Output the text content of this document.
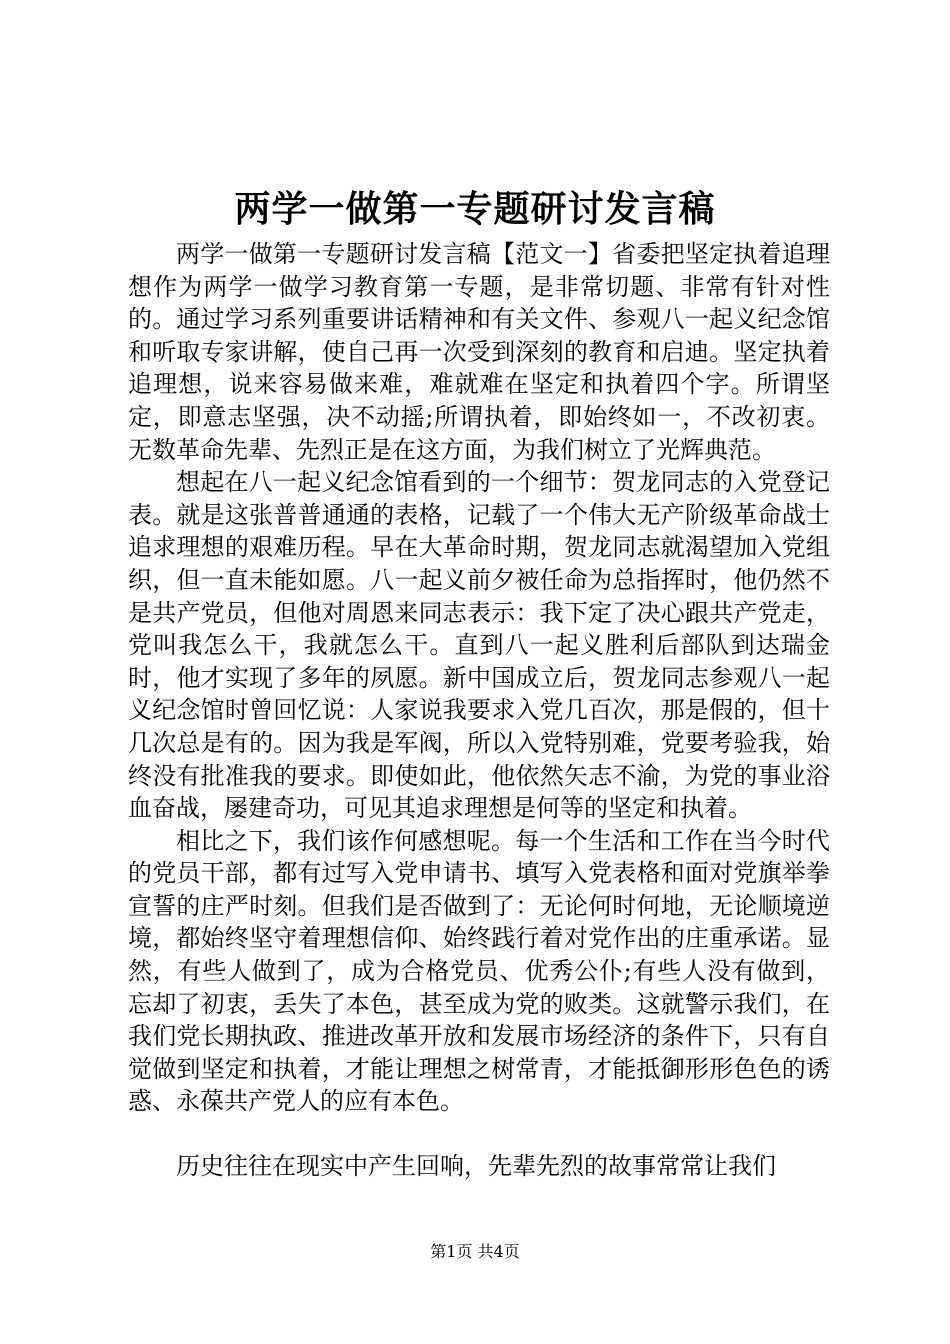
两学一做第一专题研讨发言稿

两学一做第一专题研讨发言稿【范文一】省委把坚定执着追理想作为两学一做学习教育第一专题，是非常切题、非常有针对性的。通过学习系列重要讲话精神和有关文件、参观八一起义纪念馆和听取专家讲解，使自己再一次受到深刻的教育和启迪。坚定执着追理想，说来容易做来难，难就难在坚定和执着四个字。所谓坚定，即意志坚强，决不动摇;所谓执着，即始终如一，不改初衷。无数革命先辈、先烈正是在这方面，为我们树立了光辉典范。

想起在八一起义纪念馆看到的一个细节：贺龙同志的入党登记表。就是这张普普通通的表格，记载了一个伟大无产阶级革命战士追求理想的艰难历程。早在大革命时期，贺龙同志就渴望加入党组织，但一直未能如愿。八一起义前夕被任命为总指挥时，他仍然不是共产党员，但他对周恩来同志表示：我下定了决心跟共产党走，党叫我怎么干，我就怎么干。直到八一起义胜利后部队到达瑞金时，他才实现了多年的夙愿。新中国成立后，贺龙同志参观八一起义纪念馆时曾回忆说：人家说我要求入党几百次，那是假的，但十几次总是有的。因为我是军阀，所以入党特别难，党要考验我，始终没有批准我的要求。即使如此，他依然矢志不渝，为党的事业浴血奋战，屡建奇功，可见其追求理想是何等的坚定和执着。

相比之下，我们该作何感想呢。每一个生活和工作在当今时代的党员干部，都有过写入党申请书、填写入党表格和面对党旗举拳宣誓的庄严时刻。但我们是否做到了：无论何时何地，无论顺境逆境，都始终坚守着理想信仰、始终践行着对党作出的庄重承诺。显然，有些人做到了，成为合格党员、优秀公仆;有些人没有做到，忘却了初衷，丢失了本色，甚至成为党的败类。这就警示我们，在我们党长期执政、推进改革开放和发展市场经济的条件下，只有自觉做到坚定和执着，才能让理想之树常青，才能抵御形形色色的诱惑、永葆共产党人的应有本色。

历史往往在现实中产生回响，先辈先烈的故事常常让我们

第1页 共4页
